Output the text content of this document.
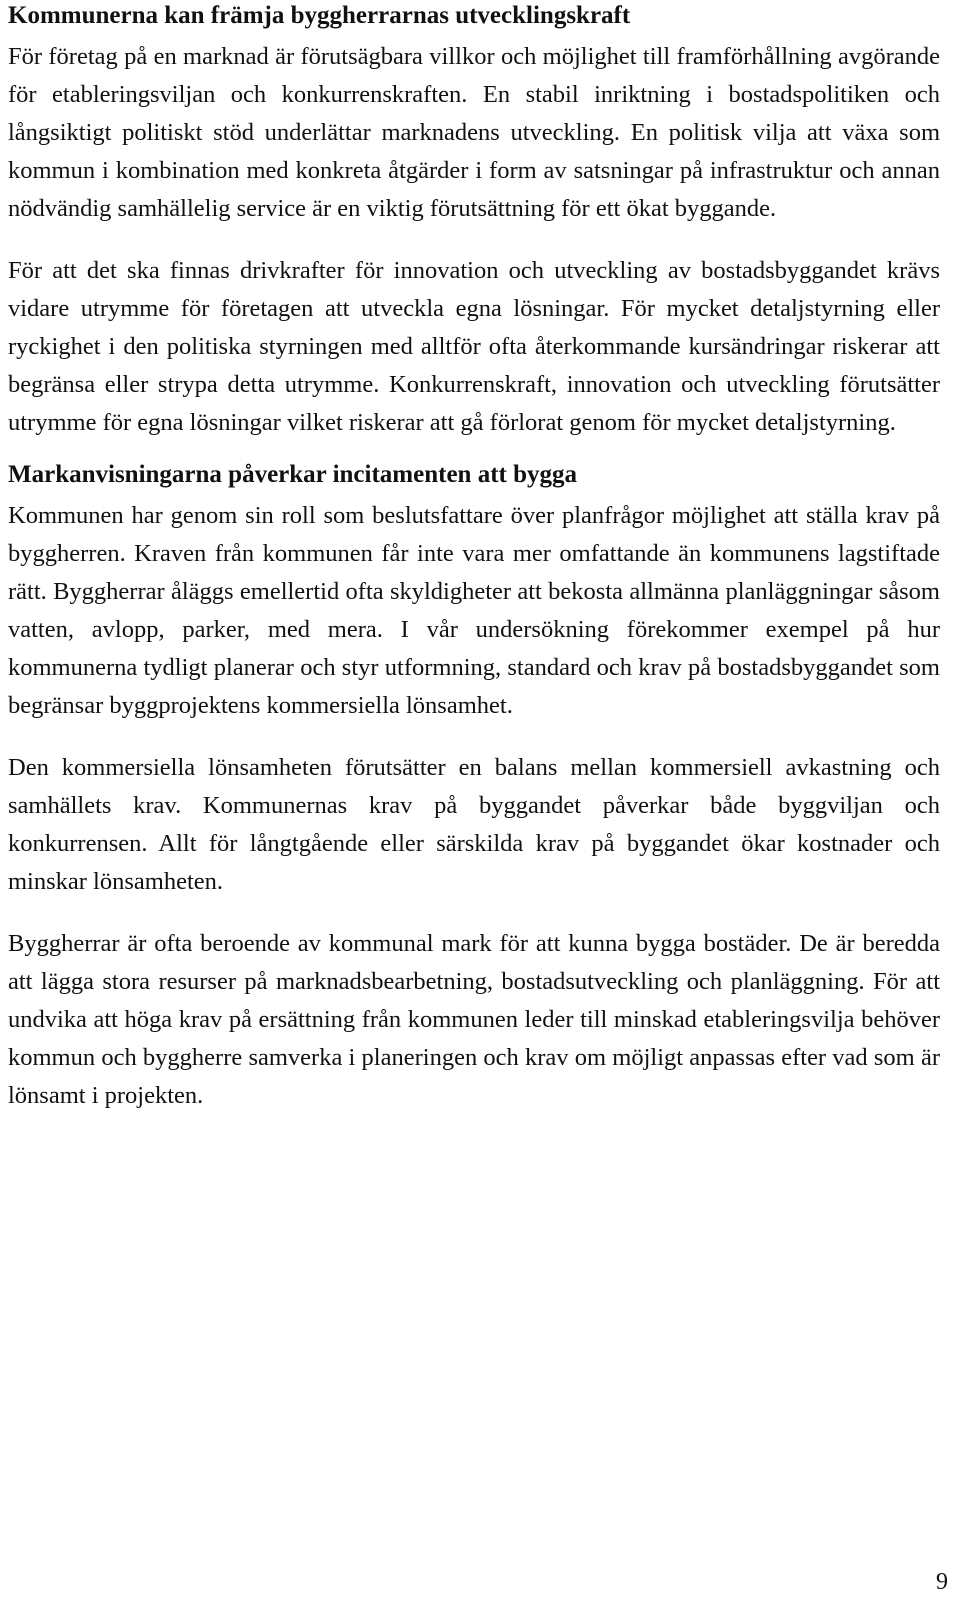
Kommunerna kan främja byggherrarnas utvecklingskraft

För företag på en marknad är förutsägbara villkor och möjlighet till framförhållning avgörande för etableringsviljan och konkurrenskraften. En stabil inriktning i bostadspolitiken och långsiktigt politiskt stöd underlättar marknadens utveckling. En politisk vilja att växa som kommun i kombination med konkreta åtgärder i form av satsningar på infrastruktur och annan nödvändig samhällelig service är en viktig förutsättning för ett ökat byggande.

För att det ska finnas drivkrafter för innovation och utveckling av bostadsbyggandet krävs vidare utrymme för företagen att utveckla egna lösningar. För mycket detaljstyrning eller ryckighet i den politiska styrningen med alltför ofta återkommande kursändringar riskerar att begränsa eller strypa detta utrymme. Konkurrenskraft, innovation och utveckling förutsätter utrymme för egna lösningar vilket riskerar att gå förlorat genom för mycket detaljstyrning.

Markanvisningarna påverkar incitamenten att bygga

Kommunen har genom sin roll som beslutsfattare över planfrågor möjlighet att ställa krav på byggherren. Kraven från kommunen får inte vara mer omfattande än kommunens lagstiftade rätt. Byggherrar åläggs emellertid ofta skyldigheter att bekosta allmänna planläggningar såsom vatten, avlopp, parker, med mera. I vår undersökning förekommer exempel på hur kommunerna tydligt planerar och styr utformning, standard och krav på bostadsbyggandet som begränsar byggprojektens kommersiella lönsamhet.

Den kommersiella lönsamheten förutsätter en balans mellan kommersiell avkastning och samhällets krav. Kommunernas krav på byggandet påverkar både byggviljan och konkurrensen. Allt för långtgående eller särskilda krav på byggandet ökar kostnader och minskar lönsamheten.

Byggherrar är ofta beroende av kommunal mark för att kunna bygga bostäder. De är beredda att lägga stora resurser på marknadsbearbetning, bostadsutveckling och planläggning. För att undvika att höga krav på ersättning från kommunen leder till minskad etableringsvilja behöver kommun och byggherre samverka i planeringen och krav om möjligt anpassas efter vad som är lönsamt i projekten.

9
